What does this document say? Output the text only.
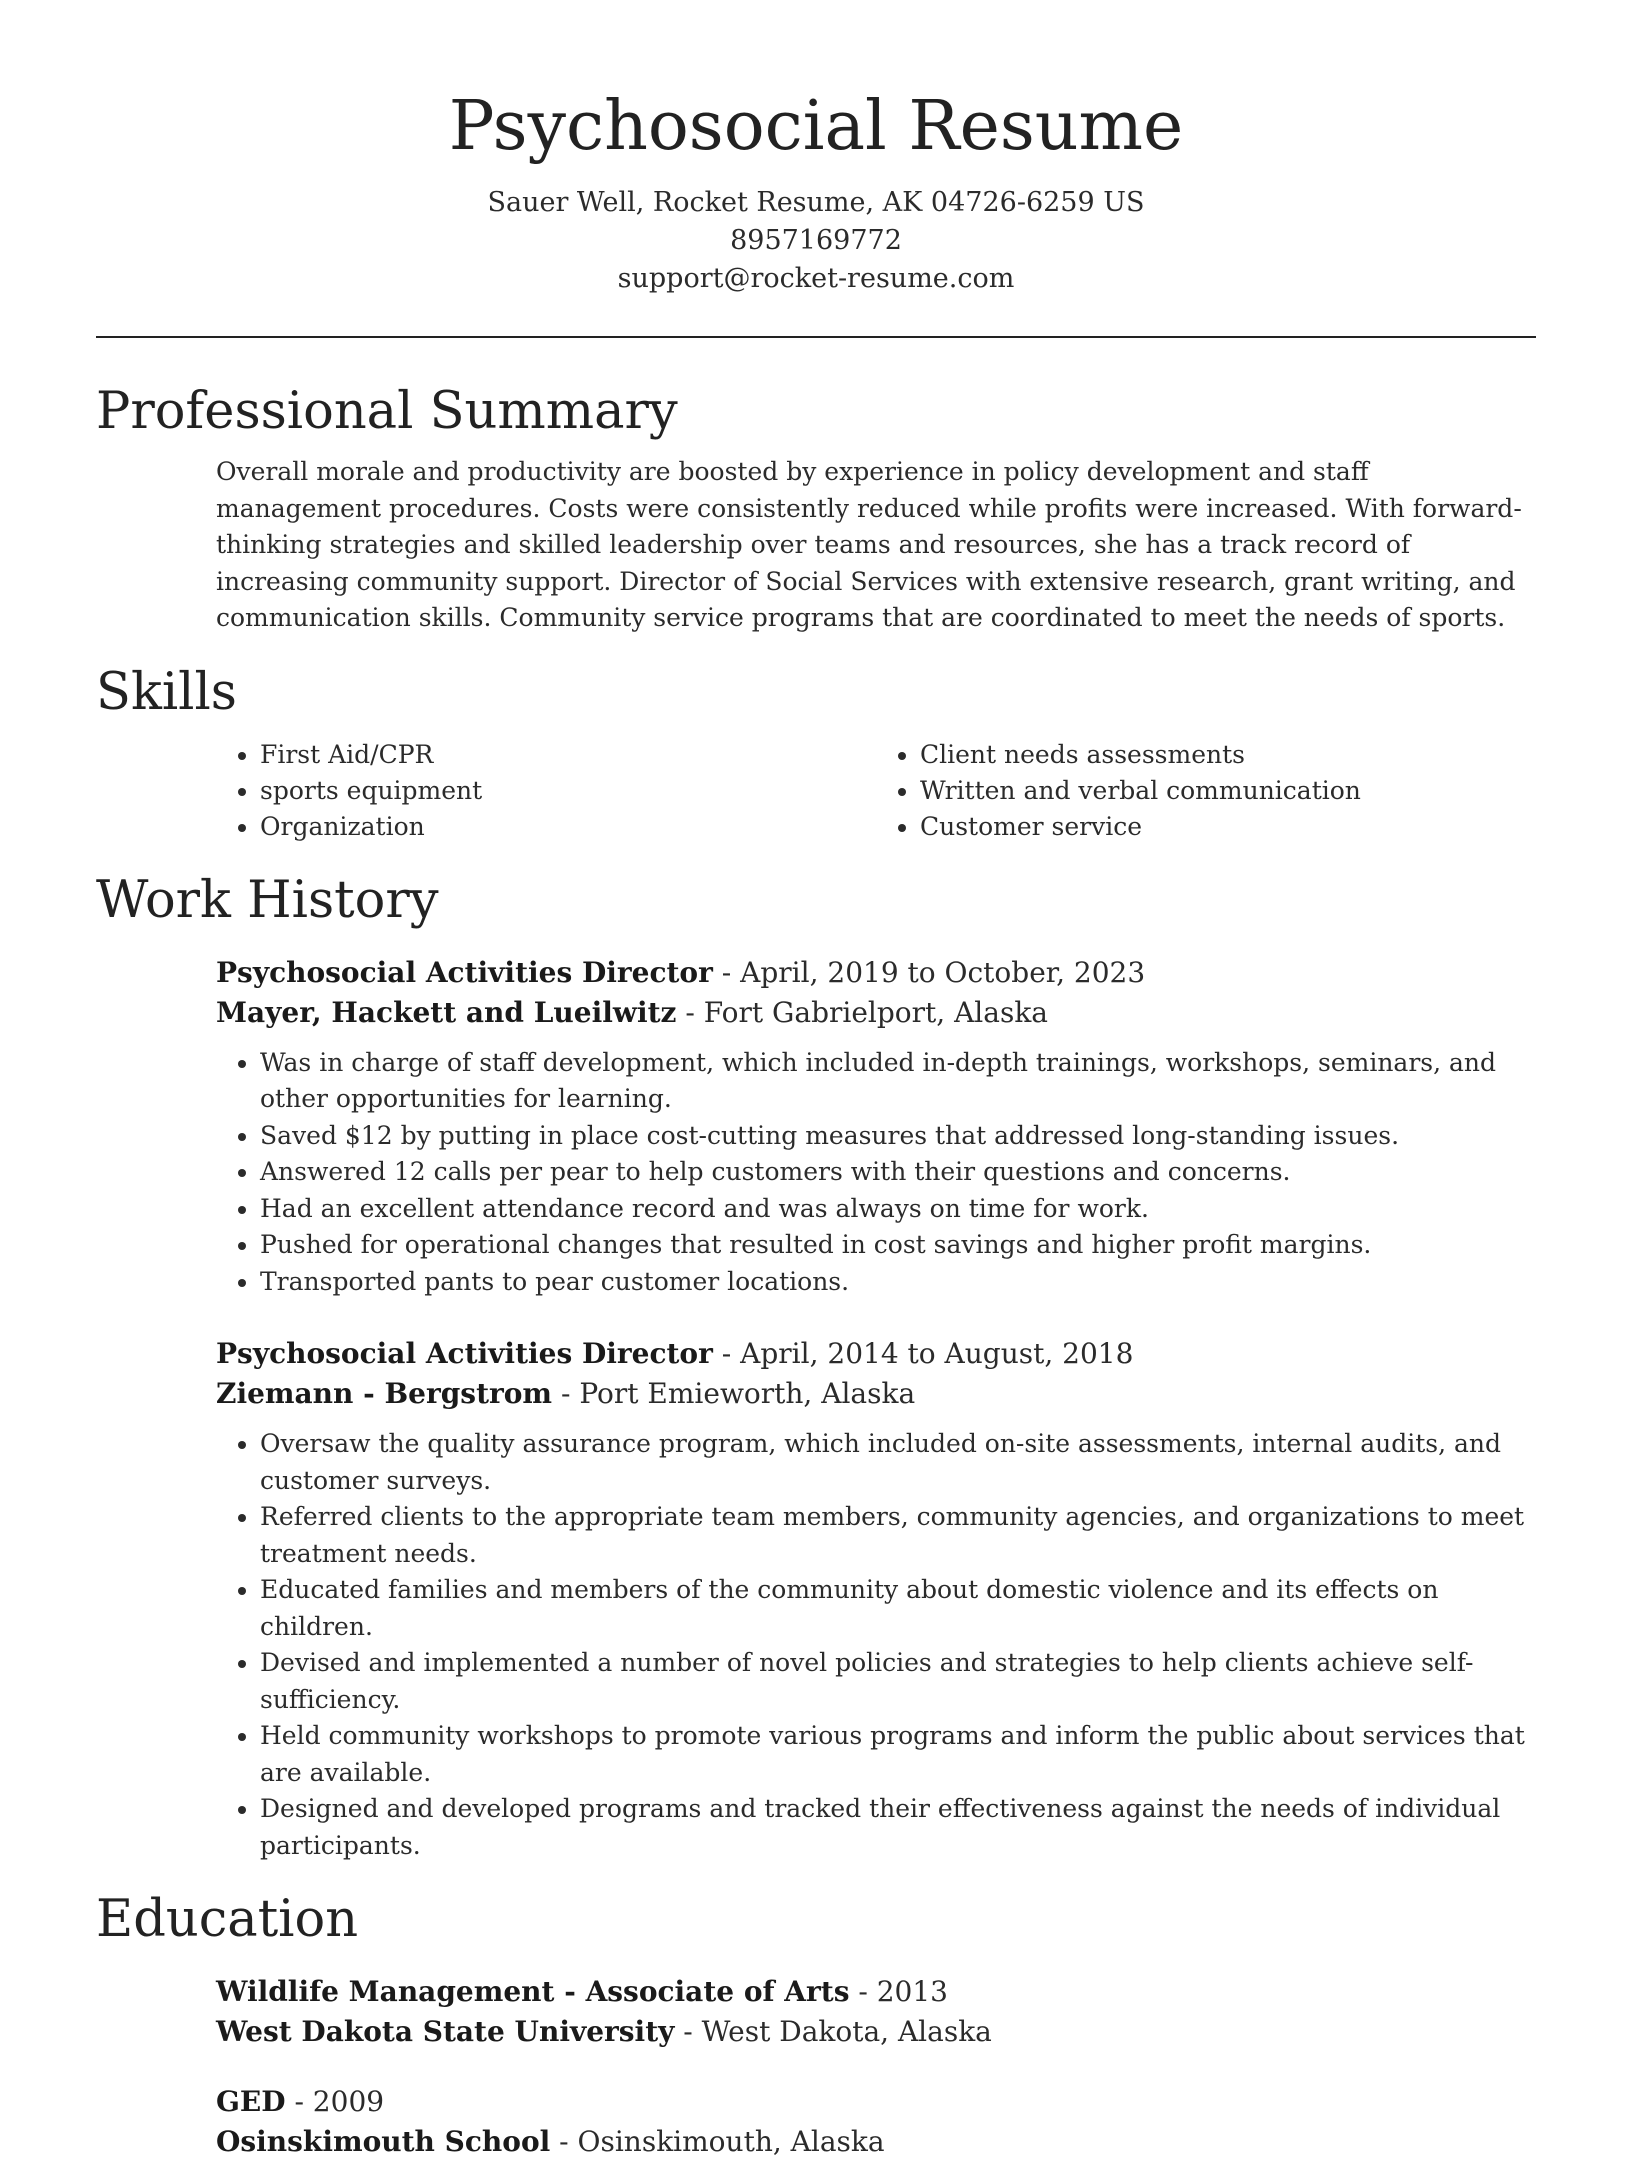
Psychosocial Resume
Sauer Well, Rocket Resume, AK 04726-6259 US
8957169772
support@rocket-resume.com
Professional Summary

Overall morale and productivity are boosted by experience in policy development and staff management procedures. Costs were consistently reduced while profits were increased. With forward-thinking strategies and skilled leadership over teams and resources, she has a track record of increasing community support. Director of Social Services with extensive research, grant writing, and communication skills. Community service programs that are coordinated to meet the needs of sports.

Skills
• First Aid/CPR
• sports equipment
• Organization
• Client needs assessments
• Written and verbal communication
• Customer service
Work History
Psychosocial Activities Director - April, 2019 to October, 2023
Mayer, Hackett and Lueilwitz - Fort Gabrielport, Alaska
• Was in charge of staff development, which included in-depth trainings, workshops, seminars, and other opportunities for learning.
• Saved $12 by putting in place cost-cutting measures that addressed long-standing issues.
• Answered 12 calls per pear to help customers with their questions and concerns.
• Had an excellent attendance record and was always on time for work.
• Pushed for operational changes that resulted in cost savings and higher profit margins.
• Transported pants to pear customer locations.
Psychosocial Activities Director - April, 2014 to August, 2018
Ziemann - Bergstrom - Port Emieworth, Alaska
• Oversaw the quality assurance program, which included on-site assessments, internal audits, and customer surveys.
• Referred clients to the appropriate team members, community agencies, and organizations to meet treatment needs.
• Educated families and members of the community about domestic violence and its effects on children.
• Devised and implemented a number of novel policies and strategies to help clients achieve self-sufficiency.
• Held community workshops to promote various programs and inform the public about services that are available.
• Designed and developed programs and tracked their effectiveness against the needs of individual participants.
Education
Wildlife Management - Associate of Arts - 2013
West Dakota State University - West Dakota, Alaska
GED - 2009
Osinskimouth School - Osinskimouth, Alaska
